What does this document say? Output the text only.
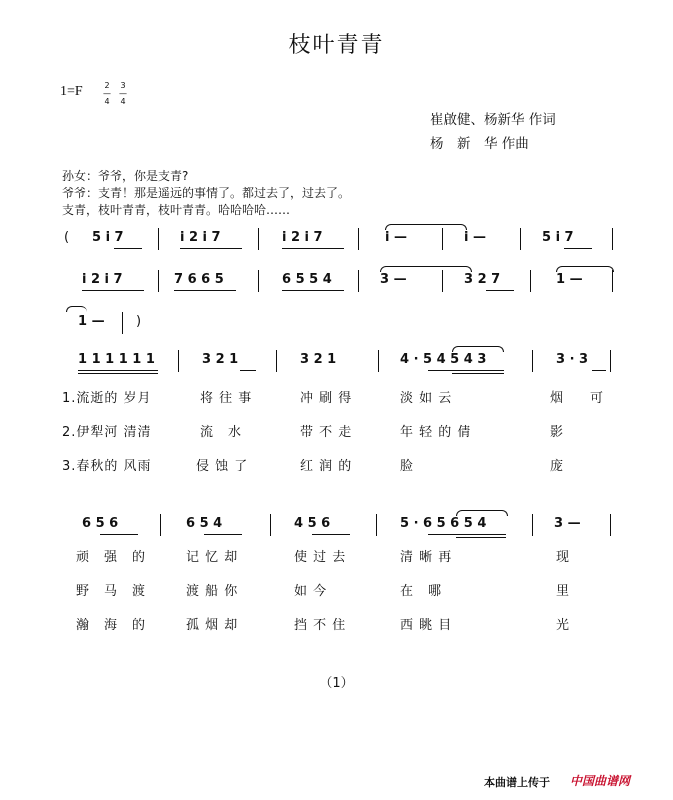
枝叶青青
1=F	2
—
4
3
—
4
崔啟健、杨新华 作词
杨　新　华 作曲
孙女：爷爷，你是支青?
爷爷：支青！那是遥远的事情了。都过去了，过去了。
支青，枝叶青青，枝叶青青。哈哈哈哈……
( 5 i 7	i 2 i 7	i 2 i 7	i —	i —	5 i 7
i 2 i 7	7 6 6 5	6 5 5 4	3 —	3 2 7	1 —
1 — )
1 1 1 1 1 1	3 2 1	3 2 1	4 · 5 4 5 4 3	3 · 3
1.流逝的 岁月	将 往 事	冲 刷 得	淡 如 云	烟 可
2.伊犁河 清清	流　水	带 不 走	年 轻 的 倩	影
3.春秋的 风雨	侵 蚀 了	红 润 的	脸	庞
6 5 6	6 5 4	4 5 6	5 · 6 5 6 5 4	3 —
顽　强　的	记 忆 却	使 过 去	清 晰 再	现
野　马　渡	渡 船 你	如 今	在　哪	里
瀚　海　的	孤 烟 却	挡 不 住	西 眺 目	光
（1）
本曲谱上传于 中国曲谱网
